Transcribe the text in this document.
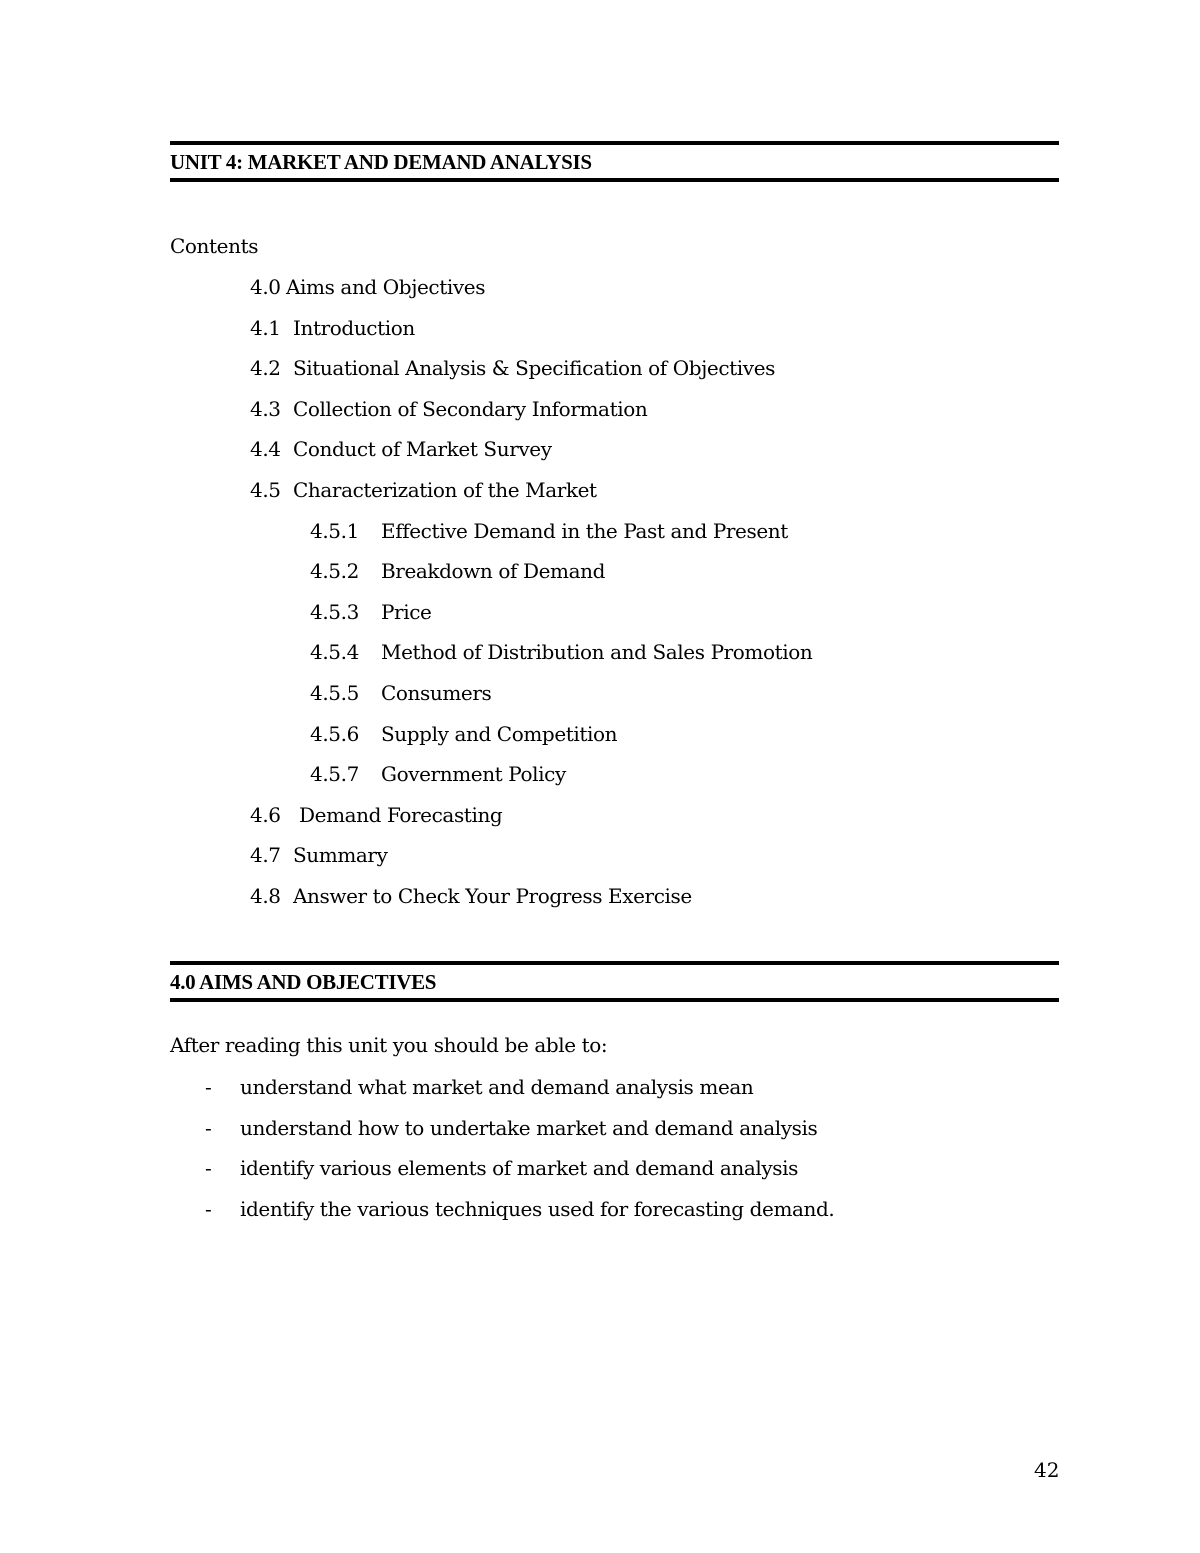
UNIT 4: MARKET AND DEMAND ANALYSIS
Contents
4.0 Aims and Objectives
4.1 Introduction
4.2 Situational Analysis & Specification of Objectives
4.3 Collection of Secondary Information
4.4 Conduct of Market Survey
4.5 Characterization of the Market
4.5.1 Effective Demand in the Past and Present
4.5.2 Breakdown of Demand
4.5.3 Price
4.5.4 Method of Distribution and Sales Promotion
4.5.5 Consumers
4.5.6 Supply and Competition
4.5.7 Government Policy
4.6 Demand Forecasting
4.7 Summary
4.8 Answer to Check Your Progress Exercise
4.0 AIMS AND OBJECTIVES
After reading this unit you should be able to:
- understand what market and demand analysis mean
- understand how to undertake market and demand analysis
- identify various elements of market and demand analysis
- identify the various techniques used for forecasting demand.
42
